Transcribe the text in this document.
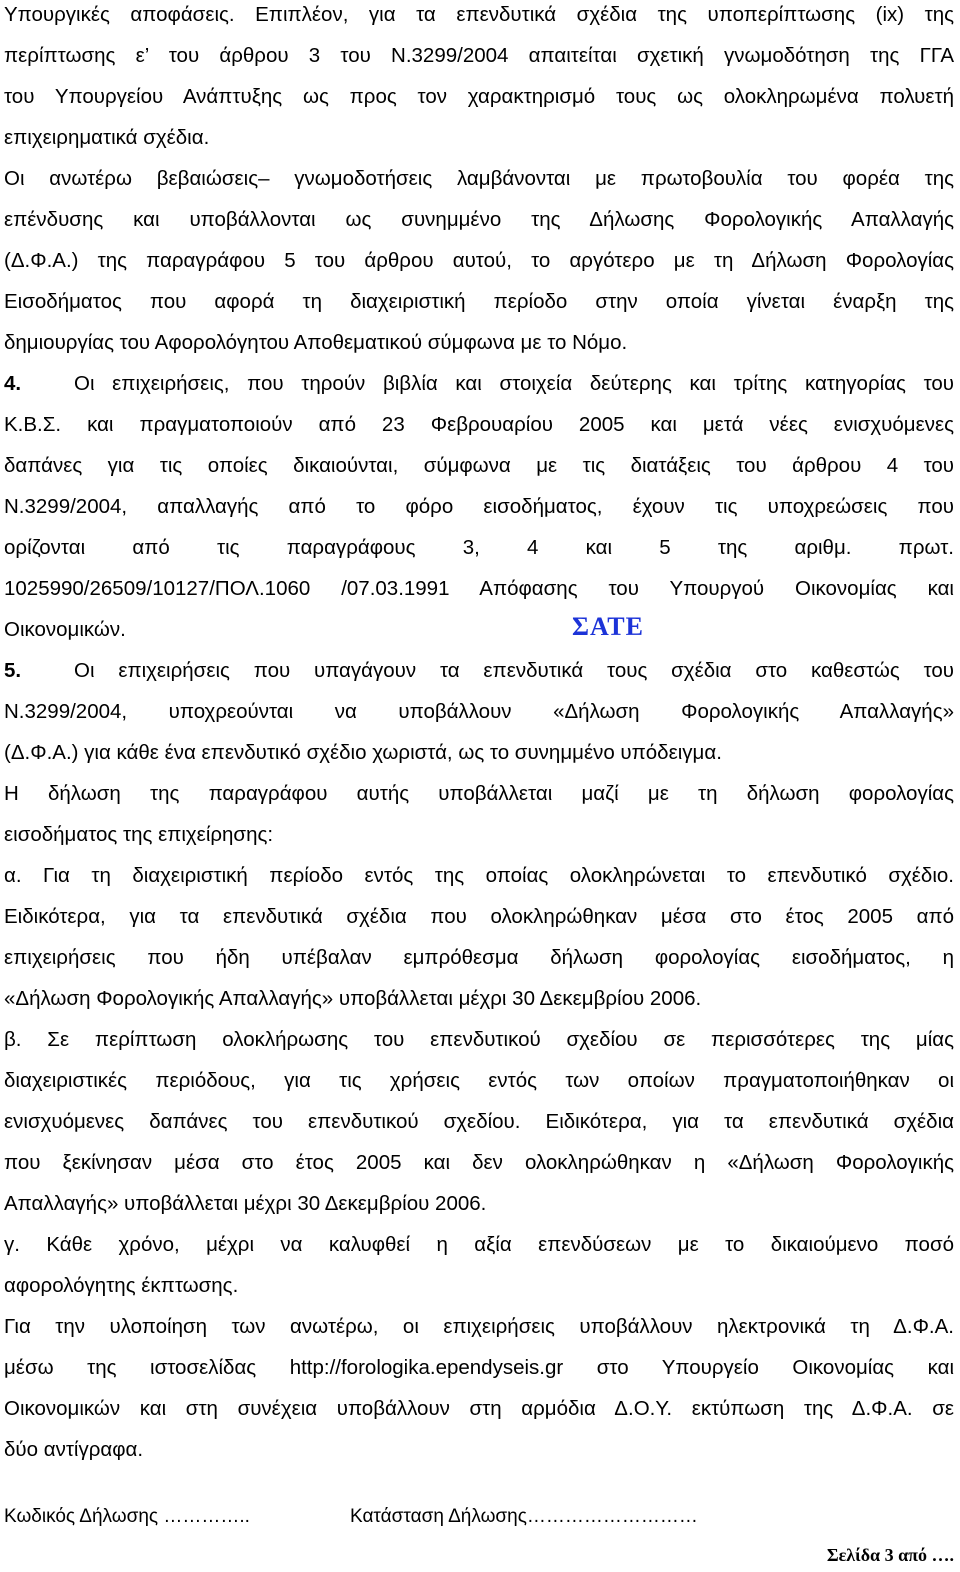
Υπουργικές αποφάσεις. Επιπλέον, για τα επενδυτικά σχέδια της υποπερίπτωσης (ix) της
περίπτωσης ε’ του άρθρου 3 του Ν.3299/2004 απαιτείται σχετική γνωμοδότηση της ΓΓΑ
του Υπουργείου Ανάπτυξης ως προς τον χαρακτηρισμό τους ως ολοκληρωμένα πολυετή
επιχειρηματικά σχέδια.
Οι ανωτέρω βεβαιώσεις– γνωμοδοτήσεις λαμβάνονται με πρωτοβουλία του φορέα της
επένδυσης και υποβάλλονται ως συνημμένο της Δήλωσης Φορολογικής Απαλλαγής
(Δ.Φ.Α.) της παραγράφου 5 του άρθρου αυτού, το αργότερο με τη Δήλωση Φορολογίας
Εισοδήματος που αφορά τη διαχειριστική περίοδο στην οποία γίνεται έναρξη της
δημιουργίας του Αφορολόγητου Αποθεματικού σύμφωνα με το Νόμο.
4.	Οι επιχειρήσεις, που τηρούν βιβλία και στοιχεία δεύτερης και τρίτης κατηγορίας του
Κ.Β.Σ. και πραγματοποιούν από 23 Φεβρουαρίου 2005 και μετά νέες ενισχυόμενες
δαπάνες για τις οποίες δικαιούνται, σύμφωνα με τις διατάξεις του άρθρου 4 του
Ν.3299/2004, απαλλαγής από το φόρο εισοδήματος, έχουν τις υποχρεώσεις που
ορίζονται από τις παραγράφους 3, 4 και 5 της αριθμ. πρωτ.
1025990/26509/10127/ΠΟΛ.1060 /07.03.1991 Απόφασης του Υπουργού Οικονομίας και
Οικονομικών.
5.	Οι επιχειρήσεις που υπαγάγουν τα επενδυτικά τους σχέδια στο καθεστώς του
Ν.3299/2004, υποχρεούνται να υποβάλλουν «Δήλωση Φορολογικής Απαλλαγής»
(Δ.Φ.Α.) για κάθε ένα επενδυτικό σχέδιο χωριστά, ως το συνημμένο υπόδειγμα.
Η δήλωση της παραγράφου αυτής υποβάλλεται μαζί με τη δήλωση φορολογίας
εισοδήματος της επιχείρησης:
α. Για τη διαχειριστική περίοδο εντός της οποίας ολοκληρώνεται το επενδυτικό σχέδιο.
Ειδικότερα, για τα επενδυτικά σχέδια που ολοκληρώθηκαν μέσα στο έτος 2005 από
επιχειρήσεις που ήδη υπέβαλαν εμπρόθεσμα δήλωση φορολογίας εισοδήματος, η
«Δήλωση Φορολογικής Απαλλαγής» υποβάλλεται μέχρι 30 Δεκεμβρίου 2006.
β. Σε περίπτωση ολοκλήρωσης του επενδυτικού σχεδίου σε περισσότερες της μίας
διαχειριστικές περιόδους, για τις χρήσεις εντός των οποίων πραγματοποιήθηκαν οι
ενισχυόμενες δαπάνες του επενδυτικού σχεδίου. Ειδικότερα, για τα επενδυτικά σχέδια
που ξεκίνησαν μέσα στο έτος 2005 και δεν ολοκληρώθηκαν η «Δήλωση Φορολογικής
Απαλλαγής» υποβάλλεται μέχρι 30 Δεκεμβρίου 2006.
γ. Κάθε χρόνο, μέχρι να καλυφθεί η αξία επενδύσεων με το δικαιούμενο ποσό
αφορολόγητης έκπτωσης.
Για την υλοποίηση των ανωτέρω, οι επιχειρήσεις υποβάλλουν ηλεκτρονικά τη Δ.Φ.Α.
μέσω της ιστοσελίδας http://forologika.ependyseis.gr στο Υπουργείο Οικονομίας και
Οικονομικών και στη συνέχεια υποβάλλουν στη αρμόδια Δ.Ο.Υ. εκτύπωση της Δ.Φ.Α. σε
δύο αντίγραφα.
ΣΑΤΕ
Κωδικός Δήλωσης …………..	Κατάσταση Δήλωσης………………………
Σελίδα 3 από ….
